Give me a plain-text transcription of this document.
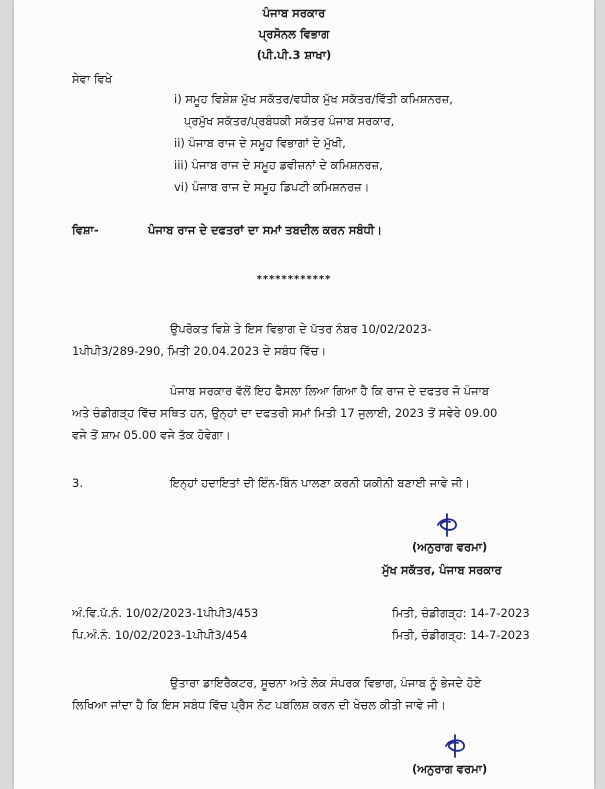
ਪੰਜਾਬ ਸਰਕਾਰ
ਪ੍ਰਸੋਨਲ ਵਿਭਾਗ
(ਪੀ.ਪੀ.3 ਸ਼ਾਖਾ)
ਸੇਵਾ ਵਿਖੇ
i) ਸਮੂਹ ਵਿਸ਼ੇਸ਼ ਮੁੱਖ ਸਕੱਤਰ/ਵਧੀਕ ਮੁੱਖ ਸਕੱਤਰ/ਵਿੱਤੀ ਕਮਿਸ਼ਨਰਜ਼,
ਪ੍ਰਮੁੱਖ ਸਕੱਤਰ/ਪ੍ਰਬੰਧਕੀ ਸਕੱਤਰ ਪੰਜਾਬ ਸਰਕਾਰ,
ii) ਪੰਜਾਬ ਰਾਜ ਦੇ ਸਮੂਹ ਵਿਭਾਗਾਂ ਦੇ ਮੁੱਖੀ,
iii) ਪੰਜਾਬ ਰਾਜ ਦੇ ਸਮੂਹ ਡਵੀਜ਼ਨਾਂ ਦੇ ਕਮਿਸ਼ਨਰਜ਼,
vi) ਪੰਜਾਬ ਰਾਜ ਦੇ ਸਮੂਹ ਡਿਪਟੀ ਕਮਿਸ਼ਨਰਜ਼।
ਵਿਸ਼ਾ-	ਪੰਜਾਬ ਰਾਜ ਦੇ ਦਫਤਰਾਂ ਦਾ ਸਮਾਂ ਤਬਦੀਲ ਕਰਨ ਸਬੰਧੀ।
************
ਉਪਰੋਕਤ ਵਿਸ਼ੇ ਤੇ ਇਸ ਵਿਭਾਗ ਦੇ ਪੱਤਰ ਨੰਬਰ 10/02/2023-
1ਪੀਪੀ3/289-290, ਮਿਤੀ 20.04.2023 ਦੇ ਸਬੰਧ ਵਿੱਚ।
ਪੰਜਾਬ ਸਰਕਾਰ ਵੱਲੋਂ ਇਹ ਫੈਸਲਾ ਲਿਆ ਗਿਆ ਹੈ ਕਿ ਰਾਜ ਦੇ ਦਫਤਰ ਜੋ ਪੰਜਾਬ
ਅਤੇ ਚੰਡੀਗੜ੍ਹ ਵਿੱਚ ਸਥਿਤ ਹਨ, ਉਨ੍ਹਾਂ ਦਾ ਦਫਤਰੀ ਸਮਾਂ ਮਿਤੀ 17 ਜੁਲਾਈ, 2023 ਤੋਂ ਸਵੇਰੇ 09.00
ਵਜੇ ਤੋਂ ਸ਼ਾਮ 05.00 ਵਜੇ ਤੱਕ ਹੋਵੇਗਾ।
3.	ਇਨ੍ਹਾਂ ਹਦਾਇਤਾਂ ਦੀ ਇੰਨ-ਬਿੰਨ ਪਾਲਣਾ ਕਰਨੀ ਯਕੀਨੀ ਬਣਾਈ ਜਾਵੇ ਜੀ।
(ਅਨੁਰਾਗ ਵਰਮਾ)
ਮੁੱਖ ਸਕੱਤਰ, ਪੰਜਾਬ ਸਰਕਾਰ
ਅੰ.ਵਿ.ਪੱ.ਨੰ. 10/02/2023-1ਪੀਪੀ3/453	ਮਿਤੀ, ਚੰਡੀਗੜ੍ਹ: 14-7-2023
ਪਿ.ਅੰ.ਨੰ. 10/02/2023-1ਪੀਪੀ3/454	ਮਿਤੀ, ਚੰਡੀਗੜ੍ਹ: 14-7-2023
ਉਤਾਰਾ ਡਾਇਰੈਕਟਰ, ਸੂਚਨਾ ਅਤੇ ਲੋਕ ਸੰਪਰਕ ਵਿਭਾਗ, ਪੰਜਾਬ ਨੂੰ ਭੇਜਦੇ ਹੋਏ
ਲਿਖਿਆ ਜਾਂਦਾ ਹੈ ਕਿ ਇਸ ਸਬੰਧ ਵਿੱਚ ਪ੍ਰੈਸ ਨੋਟ ਪਬਲਿਸ਼ ਕਰਨ ਦੀ ਖੇਚਲ ਕੀਤੀ ਜਾਵੇ ਜੀ।
(ਅਨੁਰਾਗ ਵਰਮਾ)
